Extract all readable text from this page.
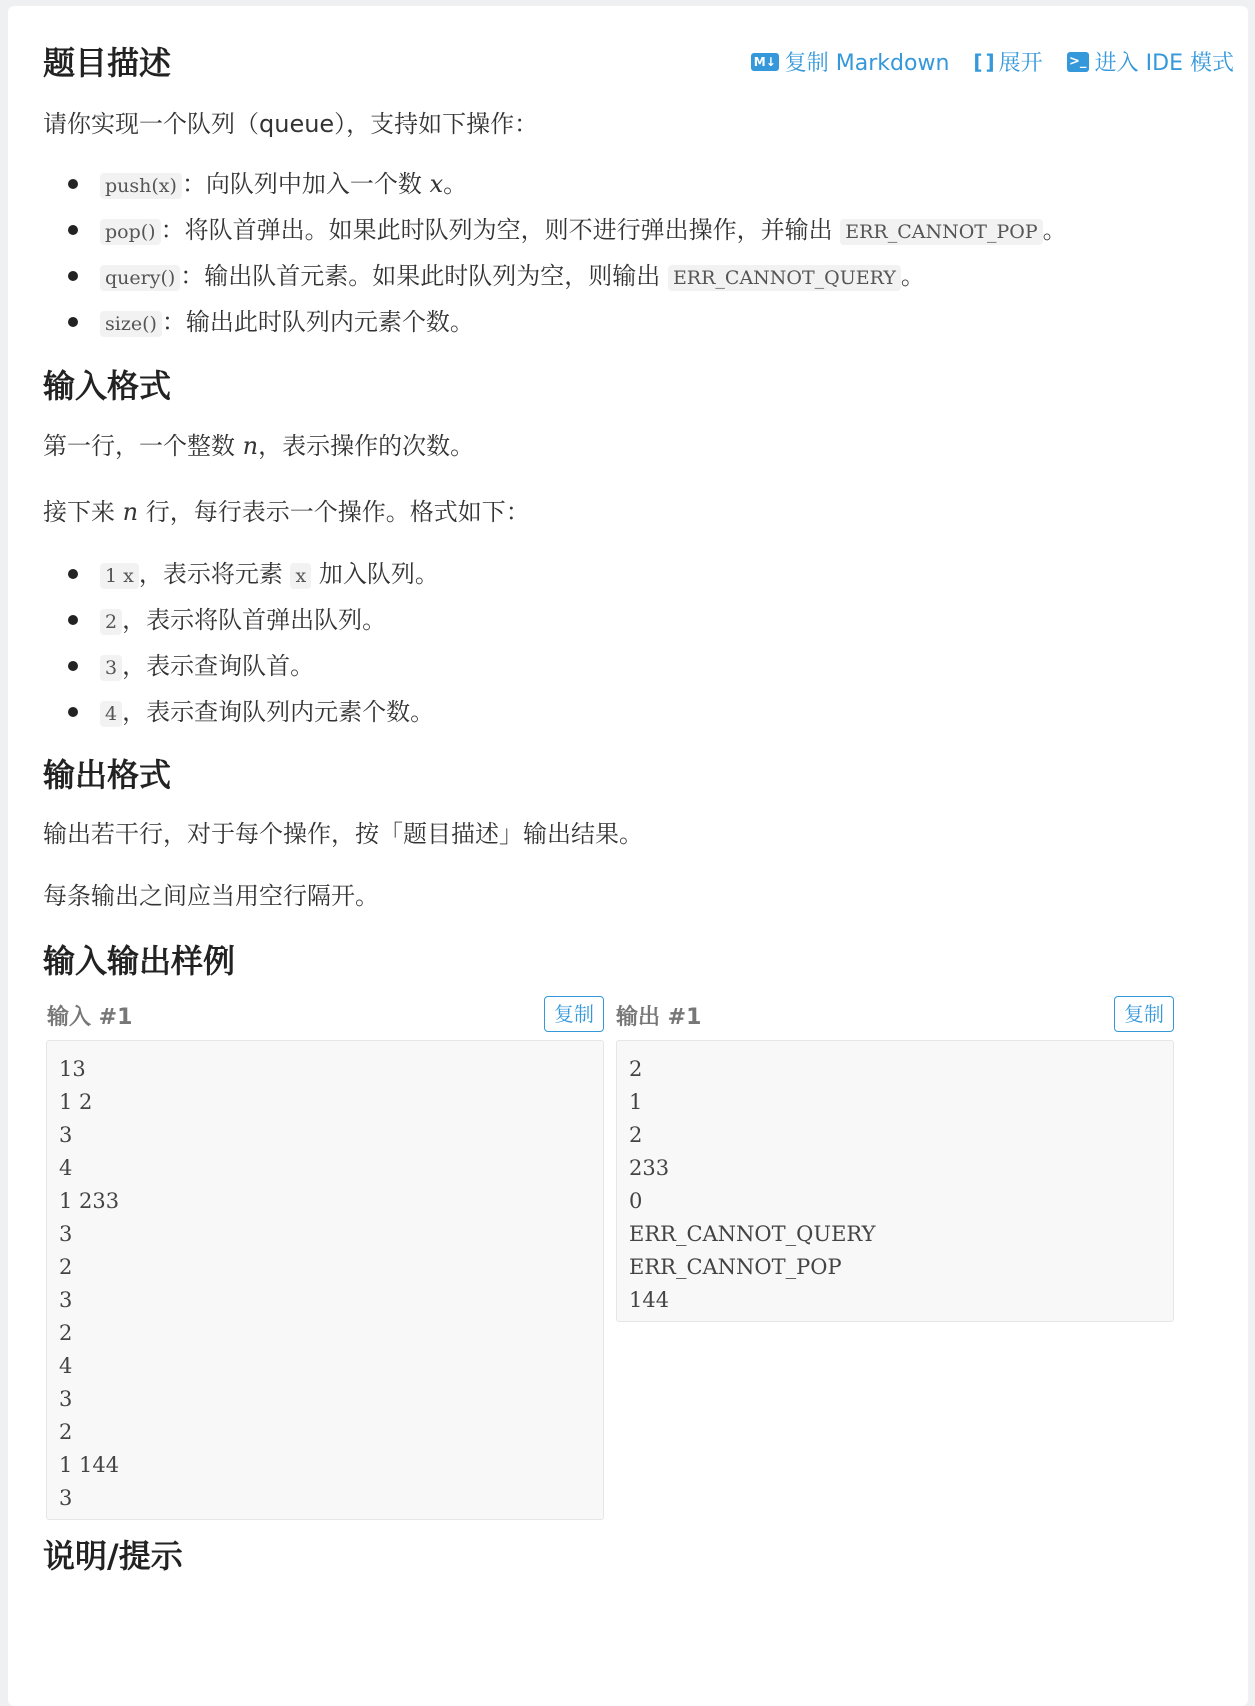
M↓ 复制 Markdown [ ] 展开 >_ 进入 IDE 模式
题目描述

请你实现一个队列（queue），支持如下操作：

push(x) ：向队列中加入一个数 x。
pop() ：将队首弹出。如果此时队列为空，则不进行弹出操作，并输出 ERR_CANNOT_POP 。
query() ：输出队首元素。如果此时队列为空，则输出 ERR_CANNOT_QUERY 。
size() ：输出此时队列内元素个数。
输入格式

第一行，一个整数 n，表示操作的次数。

接下来 n 行，每行表示一个操作。格式如下：

1 x ，表示将元素 x 加入队列。
2 ，表示将队首弹出队列。
3 ，表示查询队首。
4 ，表示查询队列内元素个数。
输出格式

输出若干行，对于每个操作，按「题目描述」输出结果。

每条输出之间应当用空行隔开。

输入输出样例
输入 #1	复制
13
1 2
3
4
1 233
3
2
3
2
4
3
2
1 144
3
输出 #1	复制
2
1
2
233
0
ERR_CANNOT_QUERY
ERR_CANNOT_POP
144
说明/提示
